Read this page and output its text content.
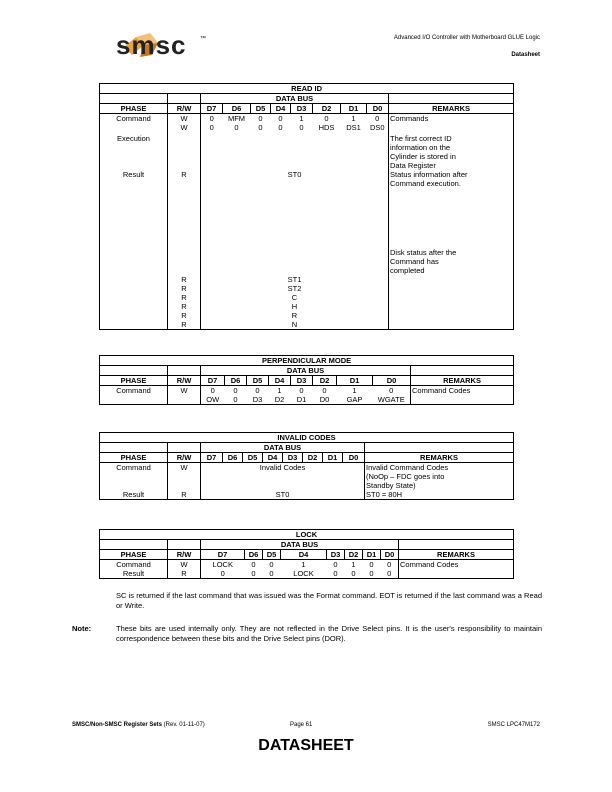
smsc ™	Advanced I/O Controller with Motherboard GLUE Logic
Datasheet
READ ID										
		DATA BUS								
PHASE	R/W	D7	D6	D5	D4	D3	D2	D1	D0	REMARKS
Command	W	0	MFM	0	0	1	0	1	0	Commands
	W	0	0	0	0	0	HDS	DS1	DS0	
Execution										The first correct ID
information on the
Cylinder is stored in
Data Register

Result	R	ST0								Status information after
Command execution.

										Disk status after the
Command has
completed

	R	ST1								
	R	ST2								
	R	C								
	R	H								
	R	R								
	R	N								
PERPENDICULAR MODE										
		DATA BUS								
PHASE	R/W	D7	D6	D5	D4	D3	D2	D1	D0	REMARKS
Command	W	0	0	0	1	0	0	1	0	Command Codes
		OW	0	D3	D2	D1	D0	GAP	WGATE	
INVALID CODES										
		DATA BUS								
PHASE	R/W	D7	D6	D5	D4	D3	D2	D1	D0	REMARKS
Command	W	Invalid Codes								Invalid Command Codes
(NoOp – FDC goes into
Standby State)

Result	R	ST0								ST0 = 80H
LOCK										
		DATA BUS								
PHASE	R/W	D7	D6	D5	D4	D3	D2	D1	D0	REMARKS
Command	W	LOCK	0	0	1	0	1	0	0	Command Codes
Result	R	0	0	0	LOCK	0	0	0	0	
SC is returned if the last command that was issued was the Format command. EOT is returned if the last command was a Read or Write.
Note:	These bits are used internally only. They are not reflected in the Drive Select pins. It is the user's responsibility to maintain correspondence between these bits and the Drive Select pins (DOR).
SMSC/Non-SMSC Register Sets (Rev. 01-11-07)	Page 61	SMSC LPC47M172
DATASHEET
